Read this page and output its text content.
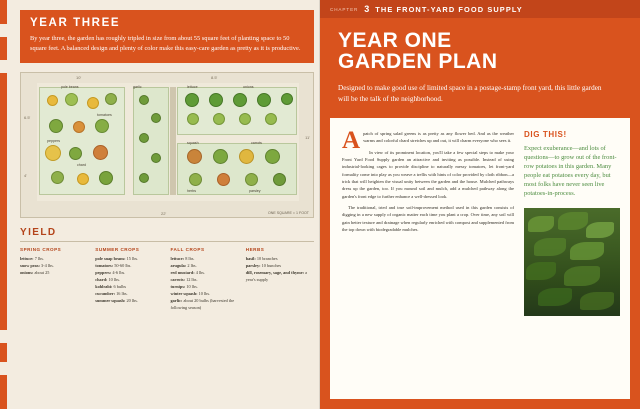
YEAR THREE

By year three, the garden has roughly tripled in size from about 55 square feet of planting space to 50 square feet. A balanced design and plenty of color make this easy-care garden as pretty as it is productive.

6.5'
4'
10'	8.5'
11'
22'
pole beans
tomatoes
peppers
chard
garlic	lettuce	onions
squash	carrots
herbs	parsley
ONE SQUARE = 1 FOOT
YIELD
SPRING CROPS
lettuce: 7 lbs.
snow peas: 3-4 lbs.
onions: about 25
SUMMER CROPS
pole snap beans: 15 lbs.
tomatoes: 50-60 lbs.
peppers: 4-6 lbs.
chard: 10 lbs.
kohlrabi: 6 bulbs
cucumber: 16 lbs.
summer squash: 20 lbs.
FALL CROPS
lettuce: 8 lbs.
arugula: 2 lbs.
red mustard: 4 lbs.
carrots: 12 lbs.
turnips: 10 lbs.
winter squash: 10 lbs.
garlic: about 20 bulbs (harvested the following season)
HERBS
basil: 10 branches
parsley: 10 bunches
dill, rosemary, sage, and thyme: a year's supply
CHAPTER 3 THE FRONT-YARD FOOD SUPPLY
YEAR ONE
GARDEN PLAN
Designed to make good use of limited space in a postage-stamp front yard, this little garden will be the talk of the neighborhood.

A patch of spring salad greens is as pretty as any flower bed. And as the weather warms and colorful chard stretches up and out, it will charm everyone who sees it.

In view of its prominent location, you'll take a few special steps to make your Front Yard Food Supply garden an attractive and inviting as possible. Instead of using industrial-looking cages to provide discipline to naturally messy tomatoes, let front-yard formality come into play as you weave a trellis with hints of color provided by cloth ribbon—a trick that will heighten the visual unity between the garden and the house. Mulched pathways dress up the garden, too. If you mound soil and mulch, add a mulched pathway along the garden's front edge to further enhance a well-dressed look.

The traditional, tried and true soil-improvement method used in this garden consists of digging in a new supply of organic matter each time you plant a crop. Over time, any soil will gain better texture and drainage when regularly enriched with compost and supplemented from the top down with biodegradable mulches.

DIG THIS!
Expect exuberance—and lots of questions—to grow out of the front-row potatoes in this garden. Many people eat potatoes every day, but most folks have never seen live potatoes-in-process.
